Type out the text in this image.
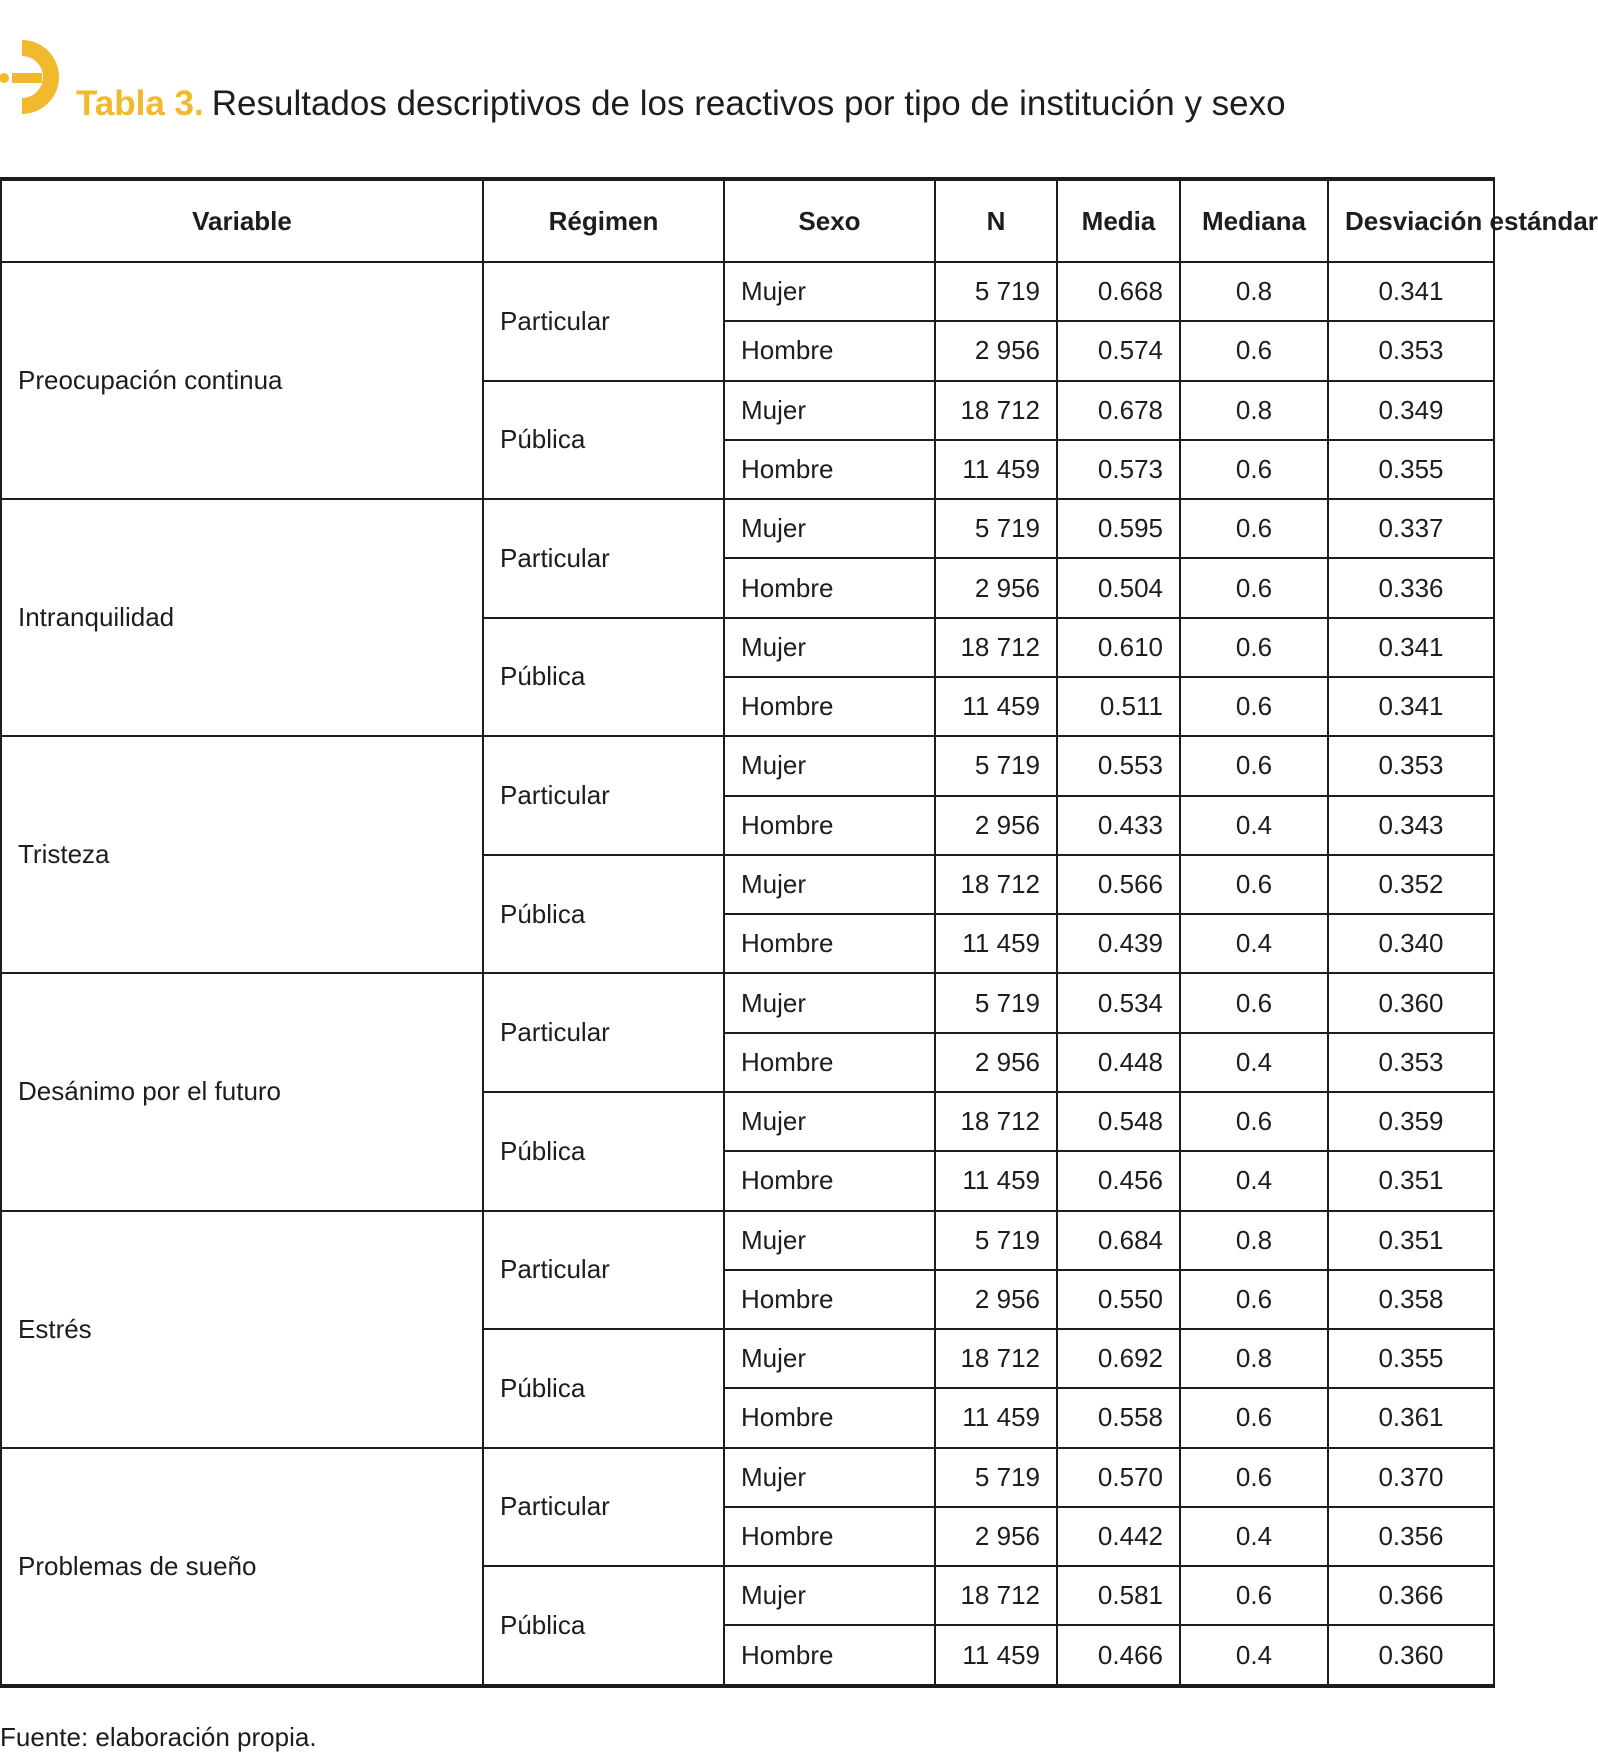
Tabla 3. Resultados descriptivos de los reactivos por tipo de institución y sexo
Variable	Régimen	Sexo	N	Media	Mediana	Desviación estándar
Preocupación continua	Particular	Mujer	5 719	0.668	0.8	0.341
		Hombre	2 956	0.574	0.6	0.353
	Pública	Mujer	18 712	0.678	0.8	0.349
		Hombre	11 459	0.573	0.6	0.355
Intranquilidad	Particular	Mujer	5 719	0.595	0.6	0.337
		Hombre	2 956	0.504	0.6	0.336
	Pública	Mujer	18 712	0.610	0.6	0.341
		Hombre	11 459	0.511	0.6	0.341
Tristeza	Particular	Mujer	5 719	0.553	0.6	0.353
		Hombre	2 956	0.433	0.4	0.343
	Pública	Mujer	18 712	0.566	0.6	0.352
		Hombre	11 459	0.439	0.4	0.340
Desánimo por el futuro	Particular	Mujer	5 719	0.534	0.6	0.360
		Hombre	2 956	0.448	0.4	0.353
	Pública	Mujer	18 712	0.548	0.6	0.359
		Hombre	11 459	0.456	0.4	0.351
Estrés	Particular	Mujer	5 719	0.684	0.8	0.351
		Hombre	2 956	0.550	0.6	0.358
	Pública	Mujer	18 712	0.692	0.8	0.355
		Hombre	11 459	0.558	0.6	0.361
Problemas de sueño	Particular	Mujer	5 719	0.570	0.6	0.370
		Hombre	2 956	0.442	0.4	0.356
	Pública	Mujer	18 712	0.581	0.6	0.366
		Hombre	11 459	0.466	0.4	0.360
Fuente: elaboración propia.
